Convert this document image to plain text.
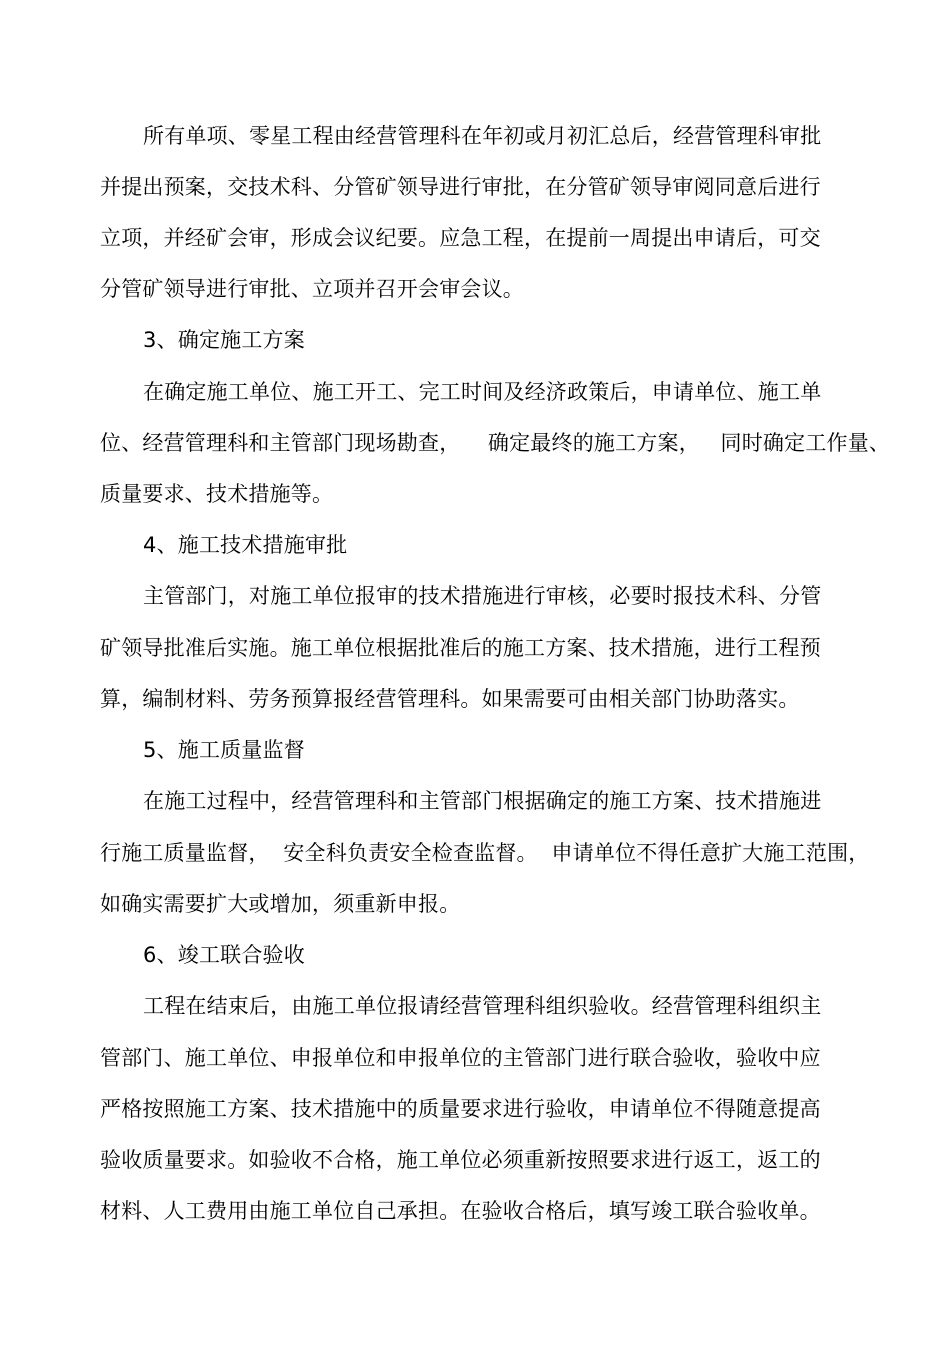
所有单项、零星工程由经营管理科在年初或月初汇总后，经营管理科审批
并提出预案，交技术科、分管矿领导进行审批，在分管矿领导审阅同意后进行
立项，并经矿会审，形成会议纪要。应急工程，在提前一周提出申请后，可交
分管矿领导进行审批、立项并召开会审会议。
3、确定施工方案
在确定施工单位、施工开工、完工时间及经济政策后，申请单位、施工单
位、经营管理科和主管部门现场勘查，    确定最终的施工方案，   同时确定工作量、
质量要求、技术措施等。
4、施工技术措施审批
主管部门，对施工单位报审的技术措施进行审核，必要时报技术科、分管
矿领导批准后实施。施工单位根据批准后的施工方案、技术措施，进行工程预
算，编制材料、劳务预算报经营管理科。如果需要可由相关部门协助落实。
5、施工质量监督
在施工过程中，经营管理科和主管部门根据确定的施工方案、技术措施进
行施工质量监督，  安全科负责安全检查监督。  申请单位不得任意扩大施工范围，
如确实需要扩大或增加，须重新申报。
6、竣工联合验收
工程在结束后，由施工单位报请经营管理科组织验收。经营管理科组织主
管部门、施工单位、申报单位和申报单位的主管部门进行联合验收，验收中应
严格按照施工方案、技术措施中的质量要求进行验收，申请单位不得随意提高
验收质量要求。如验收不合格，施工单位必须重新按照要求进行返工，返工的
材料、人工费用由施工单位自己承担。在验收合格后，填写竣工联合验收单。
